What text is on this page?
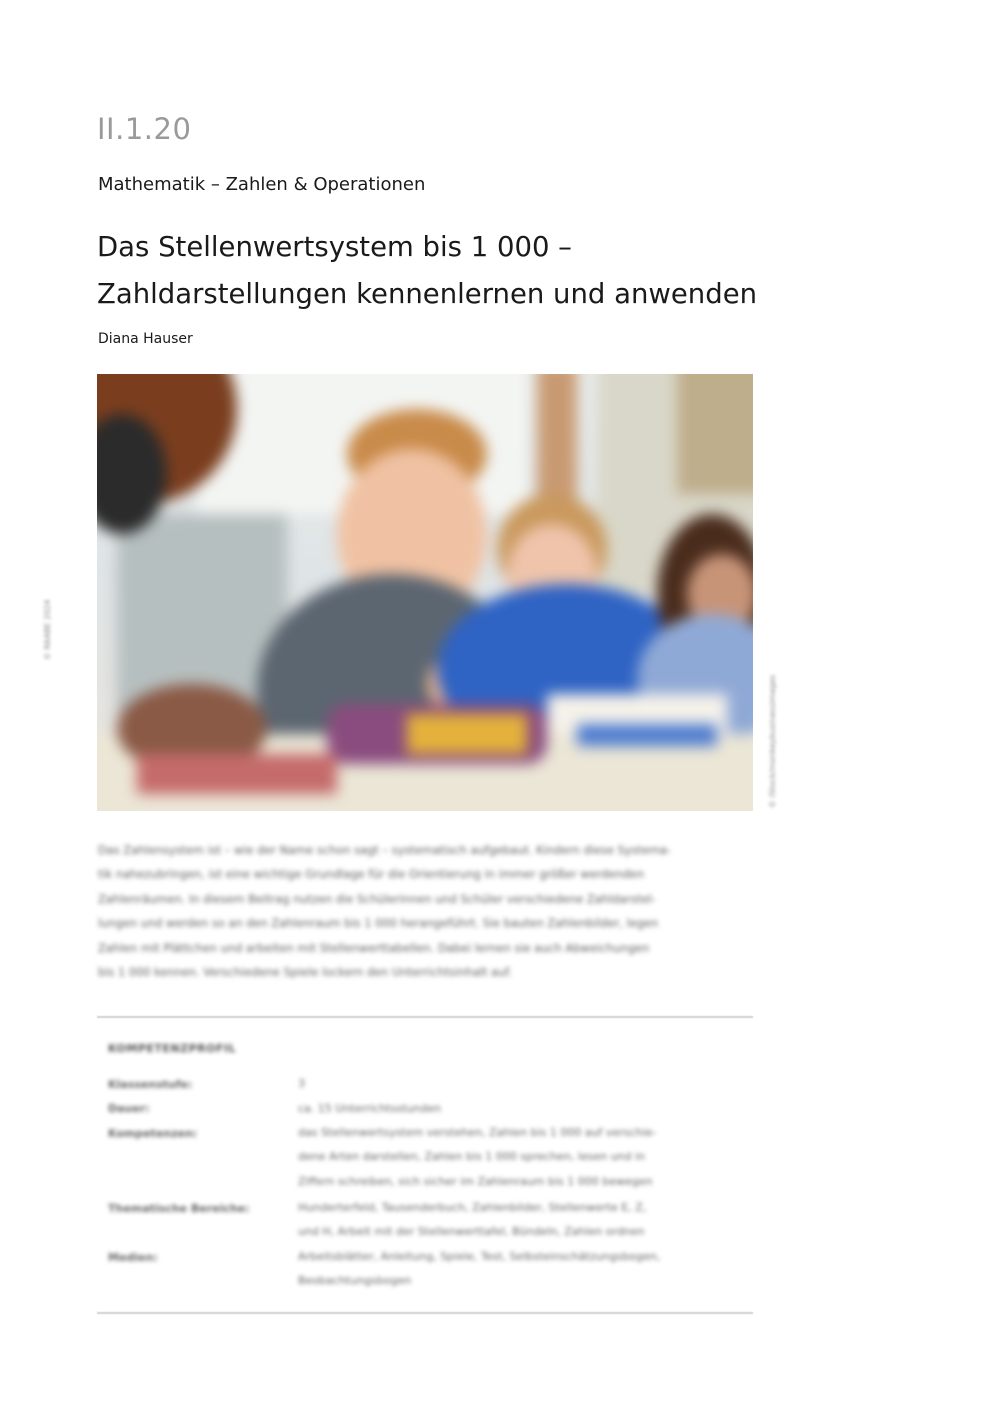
II.1.20
Mathematik – Zahlen & Operationen
Das Stellenwertsystem bis 1 000 –
Zahldarstellungen kennenlernen und anwenden
Diana Hauser
© RAABE 2024
© iStock/monkeybusinessimages
Das Zahlensystem ist – wie der Name schon sagt – systematisch aufgebaut. Kindern diese Systema-
tik nahezubringen, ist eine wichtige Grundlage für die Orientierung in immer größer werdenden
Zahlenräumen. In diesem Beitrag nutzen die Schülerinnen und Schüler verschiedene Zahldarstel-
lungen und werden so an den Zahlenraum bis 1 000 herangeführt. Sie bauten Zahlenbilder, legen
Zahlen mit Plättchen und arbeiten mit Stellenwerttabellen. Dabei lernen sie auch Abweichungen
bis 1 000 kennen. Verschiedene Spiele lockern den Unterrichtsinhalt auf.
KOMPETENZPROFIL
Klassenstufe:	3
Dauer:	ca. 15 Unterrichtsstunden
Kompetenzen:	das Stellenwertsystem verstehen, Zahlen bis 1 000 auf verschie-
dene Arten darstellen, Zahlen bis 1 000 sprechen, lesen und in
Ziffern schreiben, sich sicher im Zahlenraum bis 1 000 bewegen
Thematische Bereiche:	Hunderterfeld, Tausenderbuch, Zahlenbilder, Stellenwerte E, Z,
und H, Arbeit mit der Stellenwerttafel, Bündeln, Zahlen ordnen
Medien:	Arbeitsblätter, Anleitung, Spiele, Test, Selbsteinschätzungsbogen,
Beobachtungsbogen
